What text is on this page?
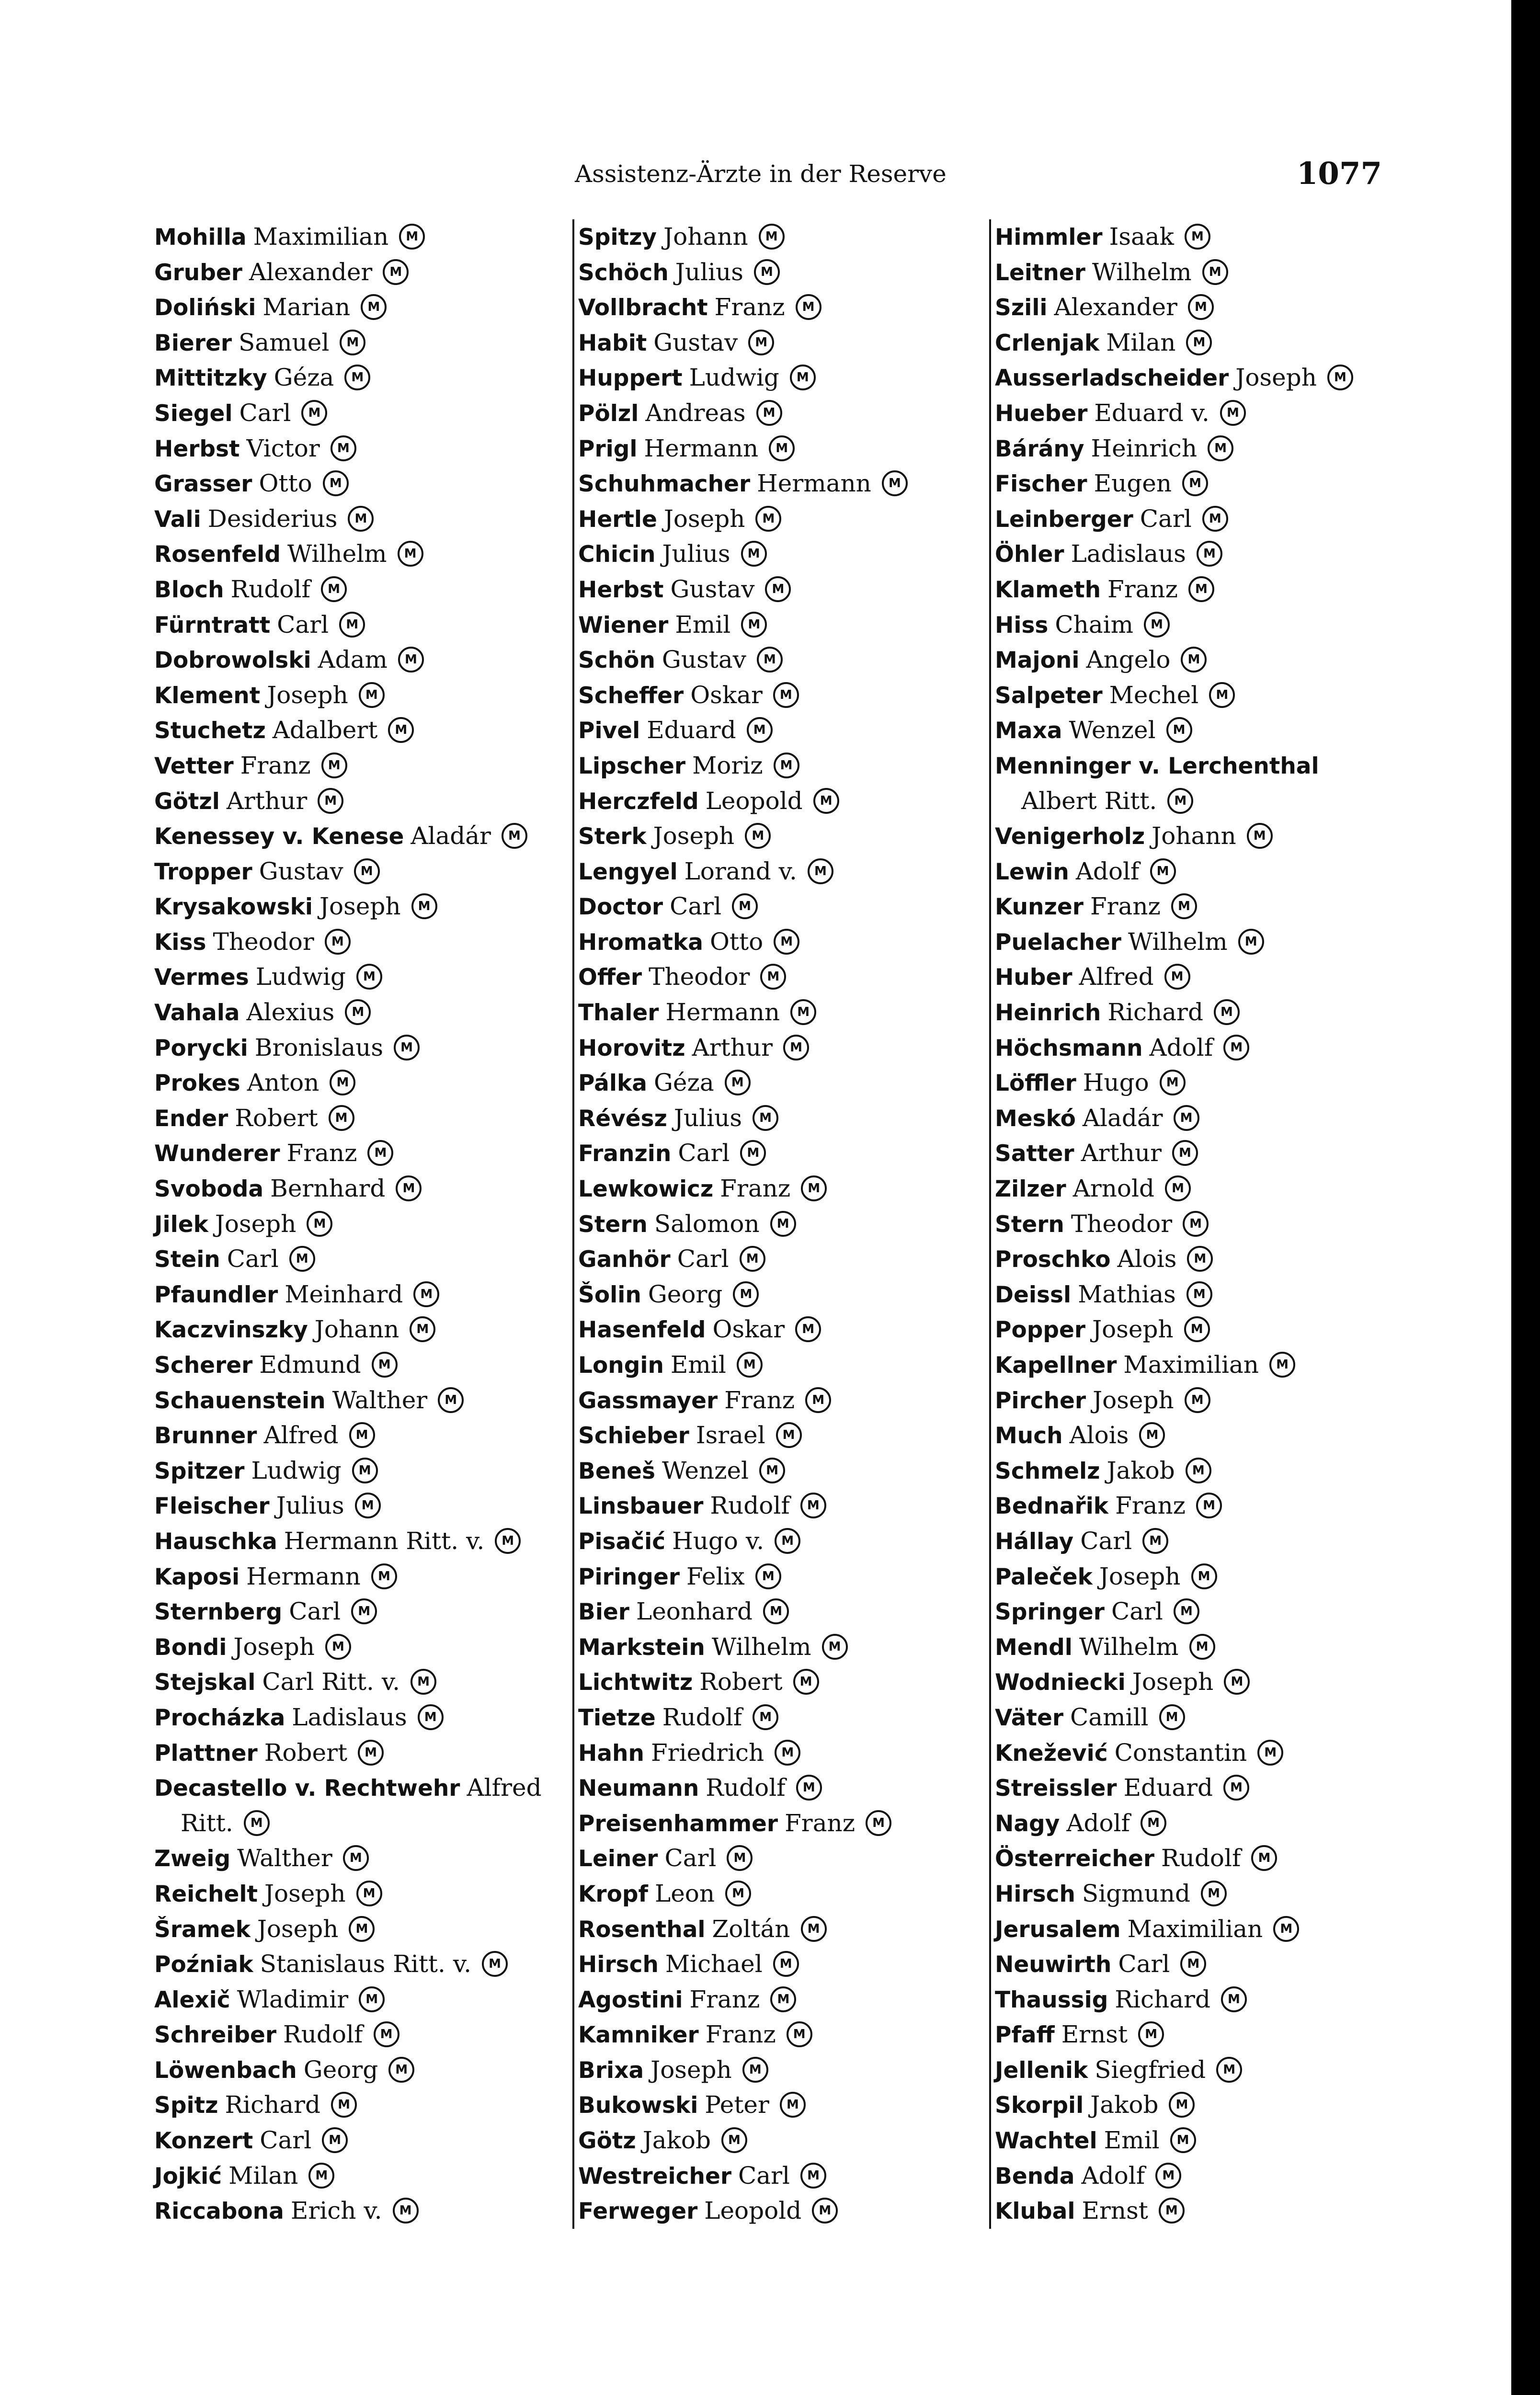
Assistenz-Ärzte in der Reserve	1077
Mohilla Maximilian M
Gruber Alexander M
Doliński Marian M
Bierer Samuel M
Mittitzky Géza M
Siegel Carl M
Herbst Victor M
Grasser Otto M
Vali Desiderius M
Rosenfeld Wilhelm M
Bloch Rudolf M
Fürntratt Carl M
Dobrowolski Adam M
Klement Joseph M
Stuchetz Adalbert M
Vetter Franz M
Götzl Arthur M
Kenessey v. Kenese Aladár M
Tropper Gustav M
Krysakowski Joseph M
Kiss Theodor M
Vermes Ludwig M
Vahala Alexius M
Porycki Bronislaus M
Prokes Anton M
Ender Robert M
Wunderer Franz M
Svoboda Bernhard M
Jilek Joseph M
Stein Carl M
Pfaundler Meinhard M
Kaczvinszky Johann M
Scherer Edmund M
Schauenstein Walther M
Brunner Alfred M
Spitzer Ludwig M
Fleischer Julius M
Hauschka Hermann Ritt. v. M
Kaposi Hermann M
Sternberg Carl M
Bondi Joseph M
Stejskal Carl Ritt. v. M
Procházka Ladislaus M
Plattner Robert M
Decastello v. Rechtwehr Alfred
Ritt. M
Zweig Walther M
Reichelt Joseph M
Šramek Joseph M
Poźniak Stanislaus Ritt. v. M
Alexič Wladimir M
Schreiber Rudolf M
Löwenbach Georg M
Spitz Richard M
Konzert Carl M
Jojkić Milan M
Riccabona Erich v. M
Spitzy Johann M
Schöch Julius M
Vollbracht Franz M
Habit Gustav M
Huppert Ludwig M
Pölzl Andreas M
Prigl Hermann M
Schuhmacher Hermann M
Hertle Joseph M
Chicin Julius M
Herbst Gustav M
Wiener Emil M
Schön Gustav M
Scheffer Oskar M
Pivel Eduard M
Lipscher Moriz M
Herczfeld Leopold M
Sterk Joseph M
Lengyel Lorand v. M
Doctor Carl M
Hromatka Otto M
Offer Theodor M
Thaler Hermann M
Horovitz Arthur M
Pálka Géza M
Révész Julius M
Franzin Carl M
Lewkowicz Franz M
Stern Salomon M
Ganhör Carl M
Šolin Georg M
Hasenfeld Oskar M
Longin Emil M
Gassmayer Franz M
Schieber Israel M
Beneš Wenzel M
Linsbauer Rudolf M
Pisačić Hugo v. M
Piringer Felix M
Bier Leonhard M
Markstein Wilhelm M
Lichtwitz Robert M
Tietze Rudolf M
Hahn Friedrich M
Neumann Rudolf M
Preisenhammer Franz M
Leiner Carl M
Kropf Leon M
Rosenthal Zoltán M
Hirsch Michael M
Agostini Franz M
Kamniker Franz M
Brixa Joseph M
Bukowski Peter M
Götz Jakob M
Westreicher Carl M
Ferweger Leopold M
Himmler Isaak M
Leitner Wilhelm M
Szili Alexander M
Crlenjak Milan M
Ausserladscheider Joseph M
Hueber Eduard v. M
Bárány Heinrich M
Fischer Eugen M
Leinberger Carl M
Öhler Ladislaus M
Klameth Franz M
Hiss Chaim M
Majoni Angelo M
Salpeter Mechel M
Maxa Wenzel M
Menninger v. Lerchenthal
Albert Ritt. M
Venigerholz Johann M
Lewin Adolf M
Kunzer Franz M
Puelacher Wilhelm M
Huber Alfred M
Heinrich Richard M
Höchsmann Adolf M
Löffler Hugo M
Meskó Aladár M
Satter Arthur M
Zilzer Arnold M
Stern Theodor M
Proschko Alois M
Deissl Mathias M
Popper Joseph M
Kapellner Maximilian M
Pircher Joseph M
Much Alois M
Schmelz Jakob M
Bednařik Franz M
Hállay Carl M
Paleček Joseph M
Springer Carl M
Mendl Wilhelm M
Wodniecki Joseph M
Väter Camill M
Knežević Constantin M
Streissler Eduard M
Nagy Adolf M
Österreicher Rudolf M
Hirsch Sigmund M
Jerusalem Maximilian M
Neuwirth Carl M
Thaussig Richard M
Pfaff Ernst M
Jellenik Siegfried M
Skorpil Jakob M
Wachtel Emil M
Benda Adolf M
Klubal Ernst M
